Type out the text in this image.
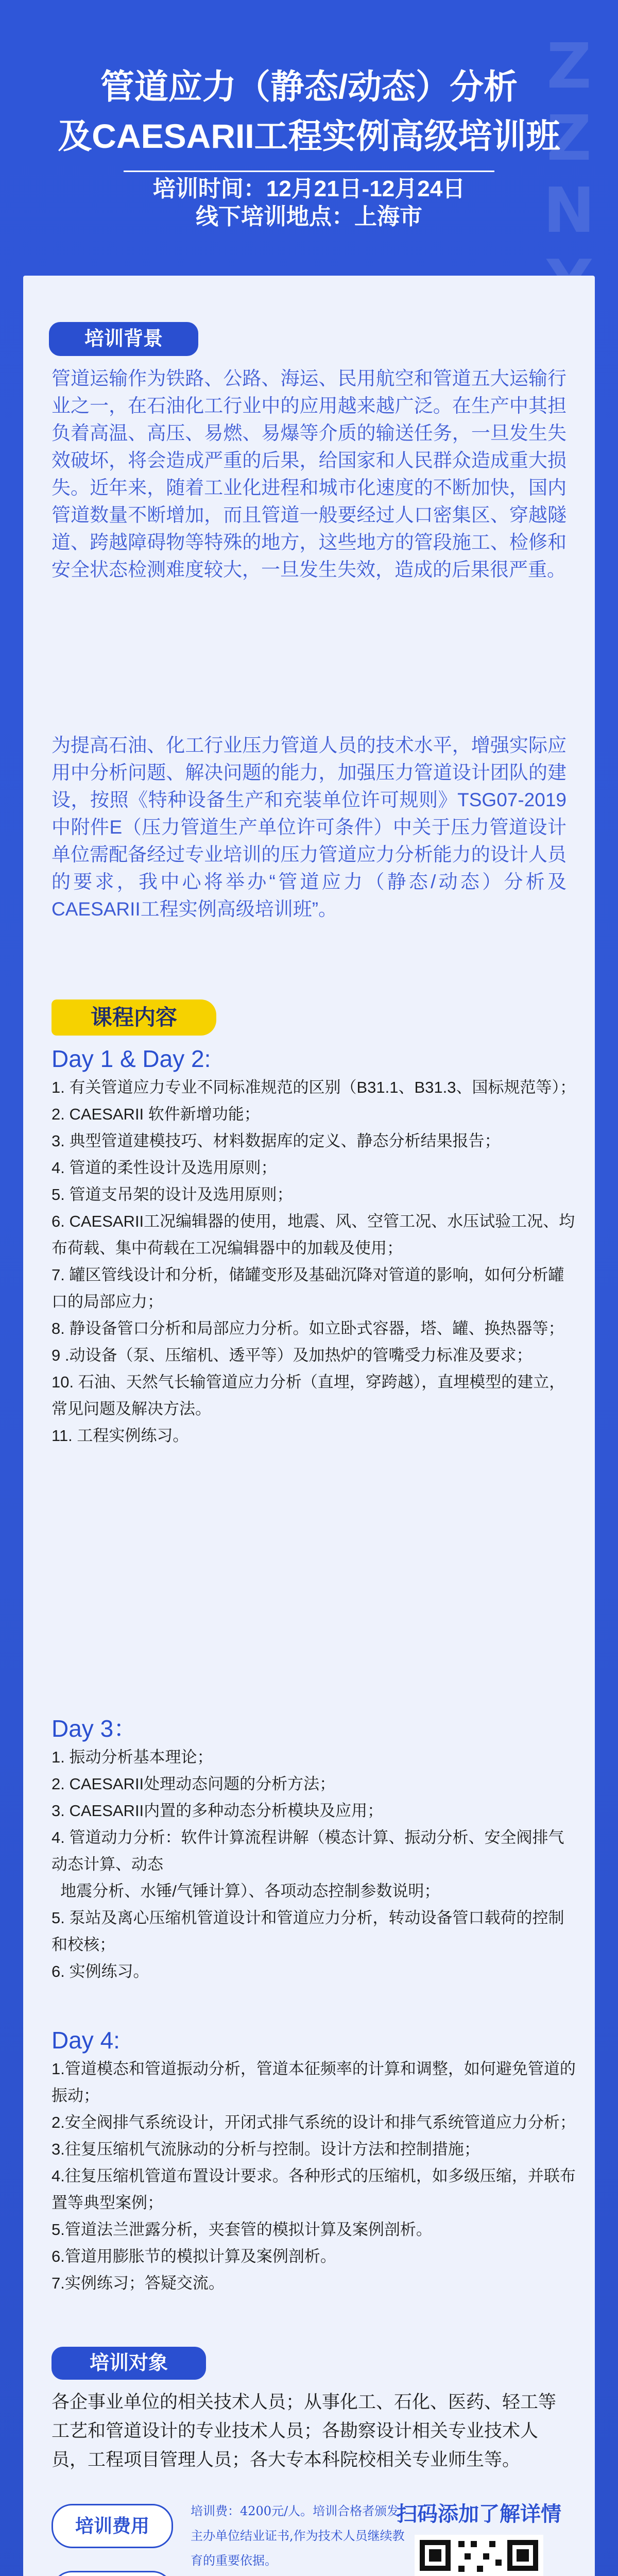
Z Z N
管道应力（静态/动态）分析
及CAESARII工程实例高级培训班
培训时间：12月21日-12月24日
线下培训地点：上海市
培训背景
管道运输作为铁路、公路、海运、民用航空和管道五大运输行业之一，在石油化工行业中的应用越来越广泛。在生产中其担负着高温、高压、易燃、易爆等介质的输送任务，一旦发生失效破坏，将会造成严重的后果，给国家和人民群众造成重大损失。近年来，随着工业化进程和城市化速度的不断加快，国内管道数量不断增加，而且管道一般要经过人口密集区、穿越隧道、跨越障碍物等特殊的地方，这些地方的管段施工、检修和安全状态检测难度较大，一旦发生失效，造成的后果很严重。
为提高石油、化工行业压力管道人员的技术水平，增强实际应用中分析问题、解决问题的能力，加强压力管道设计团队的建设，按照《特种设备生产和充装单位许可规则》TSG07-2019中附件E（压力管道生产单位许可条件）中关于压力管道设计单位需配备经过专业培训的压力管道应力分析能力的设计人员的要求，我中心将举办“管道应力（静态/动态）分析及CAESARII工程实例高级培训班”。
课程内容
Day 1 & Day 2:
1. 有关管道应力专业不同标准规范的区别（B31.1、B31.3、国标规范等）；
2. CAESARII 软件新增功能；
3. 典型管道建模技巧、材料数据库的定义、静态分析结果报告；
4. 管道的柔性设计及选用原则；
5. 管道支吊架的设计及选用原则；
6. CAESARII工况编辑器的使用，地震、风、空管工况、水压试验工况、均布荷载、集中荷载在工况编辑器中的加载及使用；
7. 罐区管线设计和分析，储罐变形及基础沉降对管道的影响，如何分析罐口的局部应力；
8. 静设备管口分析和局部应力分析。如立卧式容器，塔、罐、换热器等；
9 .动设备（泵、压缩机、透平等）及加热炉的管嘴受力标准及要求；
10. 石油、天然气长输管道应力分析（直埋，穿跨越），直埋模型的建立， 常见问题及解决方法。
11. 工程实例练习。
Day 3：
1. 振动分析基本理论；
2. CAESARII处理动态问题的分析方法；
3. CAESARII内置的多种动态分析模块及应用；
4. 管道动力分析：软件计算流程讲解（模态计算、振动分析、安全阀排气动态计算、动态
地震分析、水锤/气锤计算）、各项动态控制参数说明；
5. 泵站及离心压缩机管道设计和管道应力分析，转动设备管口载荷的控制和校核；
6. 实例练习。
Day 4:
1.管道模态和管道振动分析，管道本征频率的计算和调整，如何避免管道的振动；
2.安全阀排气系统设计，开闭式排气系统的设计和排气系统管道应力分析；
3.往复压缩机气流脉动的分析与控制。设计方法和控制措施；
4.往复压缩机管道布置设计要求。各种形式的压缩机，如多级压缩，并联布置等典型案例；
5.管道法兰泄露分析，夹套管的模拟计算及案例剖析。
6.管道用膨胀节的模拟计算及案例剖析。
7.实例练习；答疑交流。
培训对象
各企事业单位的相关技术人员；从事化工、石化、医药、轻工等工艺和管道设计的专业技术人员；各勘察设计相关专业技术人员，工程项目管理人员；各大专本科院校相关专业师生等。
培训费用
培训费：4200元/人。培训合格者颁发主办单位结业证书,作为技术人员继续教育的重要依据。
扫码添加了解详情
